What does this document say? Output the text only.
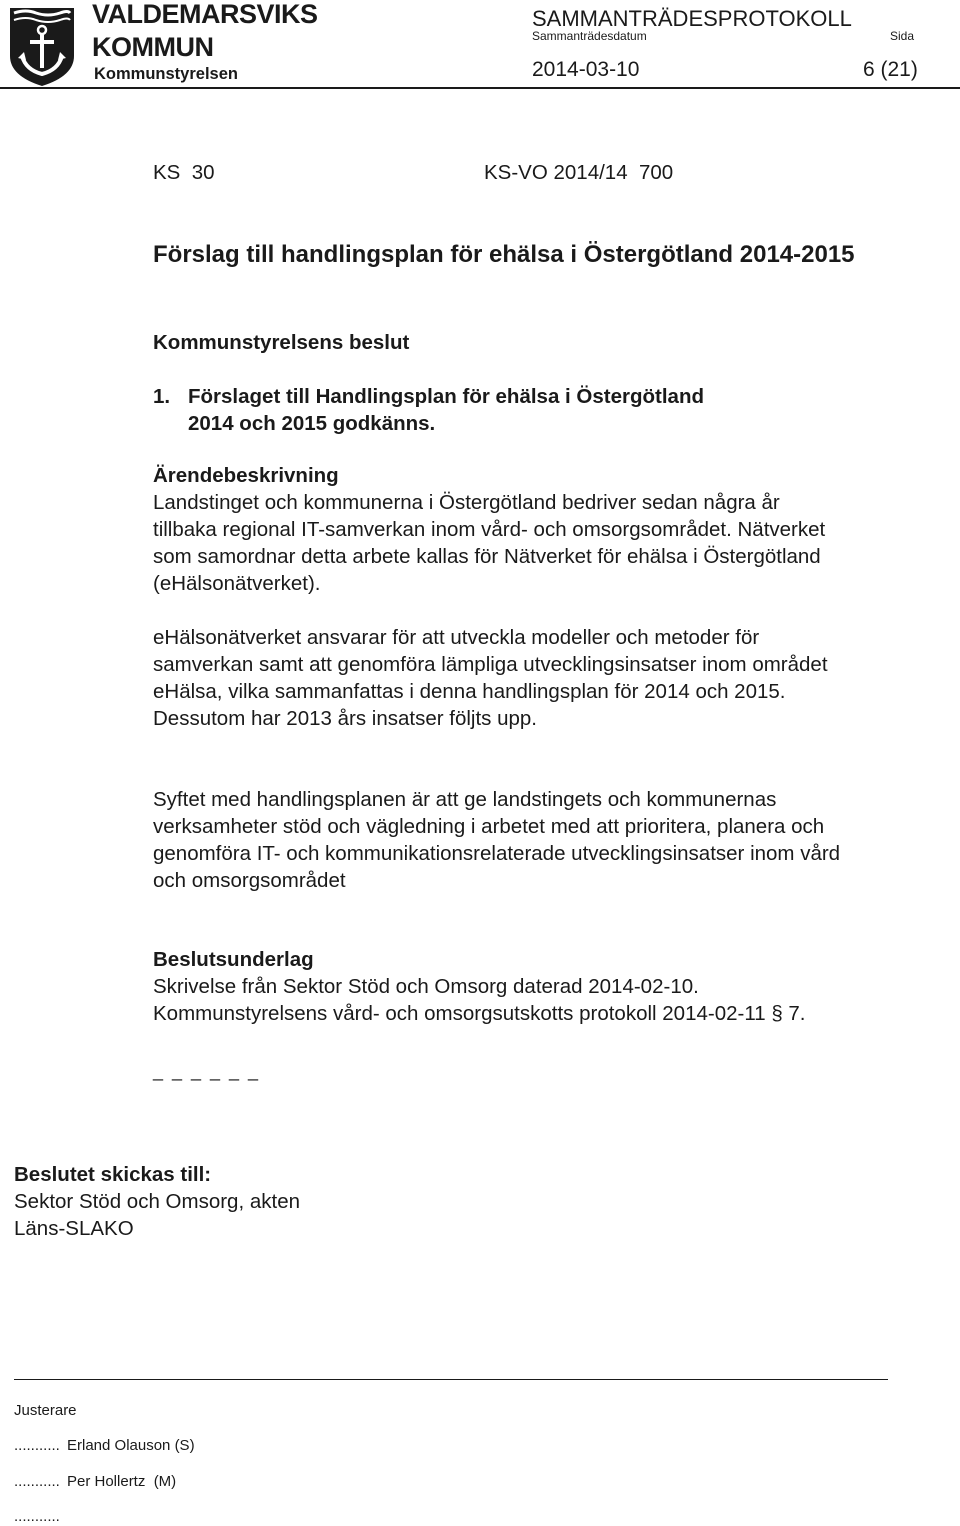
VALDEMARSVIKS
KOMMUN
Kommunstyrelsen
SAMMANTRÄDESPROTOKOLL
Sammanträdesdatum	Sida
2014-03-10	6 (21)
KS  30	KS-VO 2014/14  700
Förslag till handlingsplan för ehälsa i Östergötland 2014-2015
Kommunstyrelsens beslut
1. Förslaget till Handlingsplan för ehälsa i Östergötland 2014 och 2015 godkänns.
Ärendebeskrivning
Landstinget och kommunerna i Östergötland bedriver sedan några år tillbaka regional IT-samverkan inom vård- och omsorgsområdet. Nätverket som samordnar detta arbete kallas för Nätverket för ehälsa i Östergötland (eHälsonätverket).
eHälsonätverket ansvarar för att utveckla modeller och metoder för samverkan samt att genomföra lämpliga utvecklingsinsatser inom området eHälsa, vilka sammanfattas i denna handlingsplan för 2014 och 2015. Dessutom har 2013 års insatser följts upp.
Syftet med handlingsplanen är att ge landstingets och kommunernas verksamheter stöd och vägledning i arbetet med att prioritera, planera och genomföra IT- och kommunikationsrelaterade utvecklingsinsatser inom vård och omsorgsområdet
Beslutsunderlag
Skrivelse från Sektor Stöd och Omsorg daterad 2014-02-10.
Kommunstyrelsens vård- och omsorgsutskotts protokoll 2014-02-11 § 7.
_ _ _ _ _ _
Beslutet skickas till:
Sektor Stöd och Omsorg, akten
Läns-SLAKO
Justerare
........... Erland Olauson (S)
........... Per Hollertz  (M)
...........
